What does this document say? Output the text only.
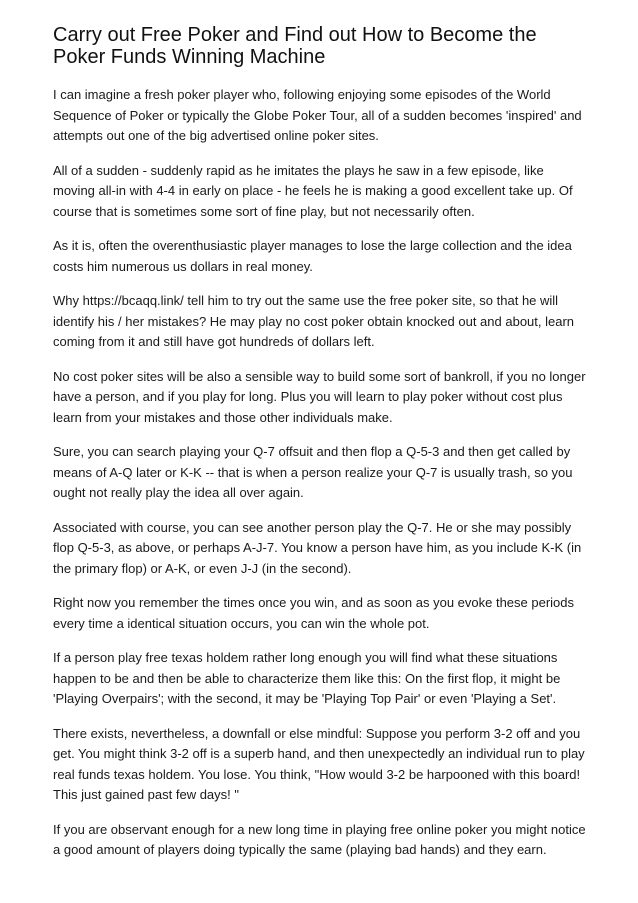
Carry out Free Poker and Find out How to Become the Poker Funds Winning Machine

I can imagine a fresh poker player who, following enjoying some episodes of the World Sequence of Poker or typically the Globe Poker Tour, all of a sudden becomes 'inspired' and attempts out one of the big advertised online poker sites.

All of a sudden - suddenly rapid as he imitates the plays he saw in a few episode, like moving all-in with 4-4 in early on place - he feels he is making a good excellent take up. Of course that is sometimes some sort of fine play, but not necessarily often.

As it is, often the overenthusiastic player manages to lose the large collection and the idea costs him numerous us dollars in real money.

Why https://bcaqq.link/ tell him to try out the same use the free poker site, so that he will identify his / her mistakes? He may play no cost poker obtain knocked out and about, learn coming from it and still have got hundreds of dollars left.

No cost poker sites will be also a sensible way to build some sort of bankroll, if you no longer have a person, and if you play for long. Plus you will learn to play poker without cost plus learn from your mistakes and those other individuals make.

Sure, you can search playing your Q-7 offsuit and then flop a Q-5-3 and then get called by means of A-Q later or K-K -- that is when a person realize your Q-7 is usually trash, so you ought not really play the idea all over again.

Associated with course, you can see another person play the Q-7. He or she may possibly flop Q-5-3, as above, or perhaps A-J-7. You know a person have him, as you include K-K (in the primary flop) or A-K, or even J-J (in the second).

Right now you remember the times once you win, and as soon as you evoke these periods every time a identical situation occurs, you can win the whole pot.

If a person play free texas holdem rather long enough you will find what these situations happen to be and then be able to characterize them like this: On the first flop, it might be 'Playing Overpairs'; with the second, it may be 'Playing Top Pair' or even 'Playing a Set'.

There exists, nevertheless, a downfall or else mindful: Suppose you perform 3-2 off and you get. You might think 3-2 off is a superb hand, and then unexpectedly an individual run to play real funds texas holdem. You lose. You think, "How would 3-2 be harpooned with this board! This just gained past few days! "

If you are observant enough for a new long time in playing free online poker you might notice a good amount of players doing typically the same (playing bad hands) and they earn.
